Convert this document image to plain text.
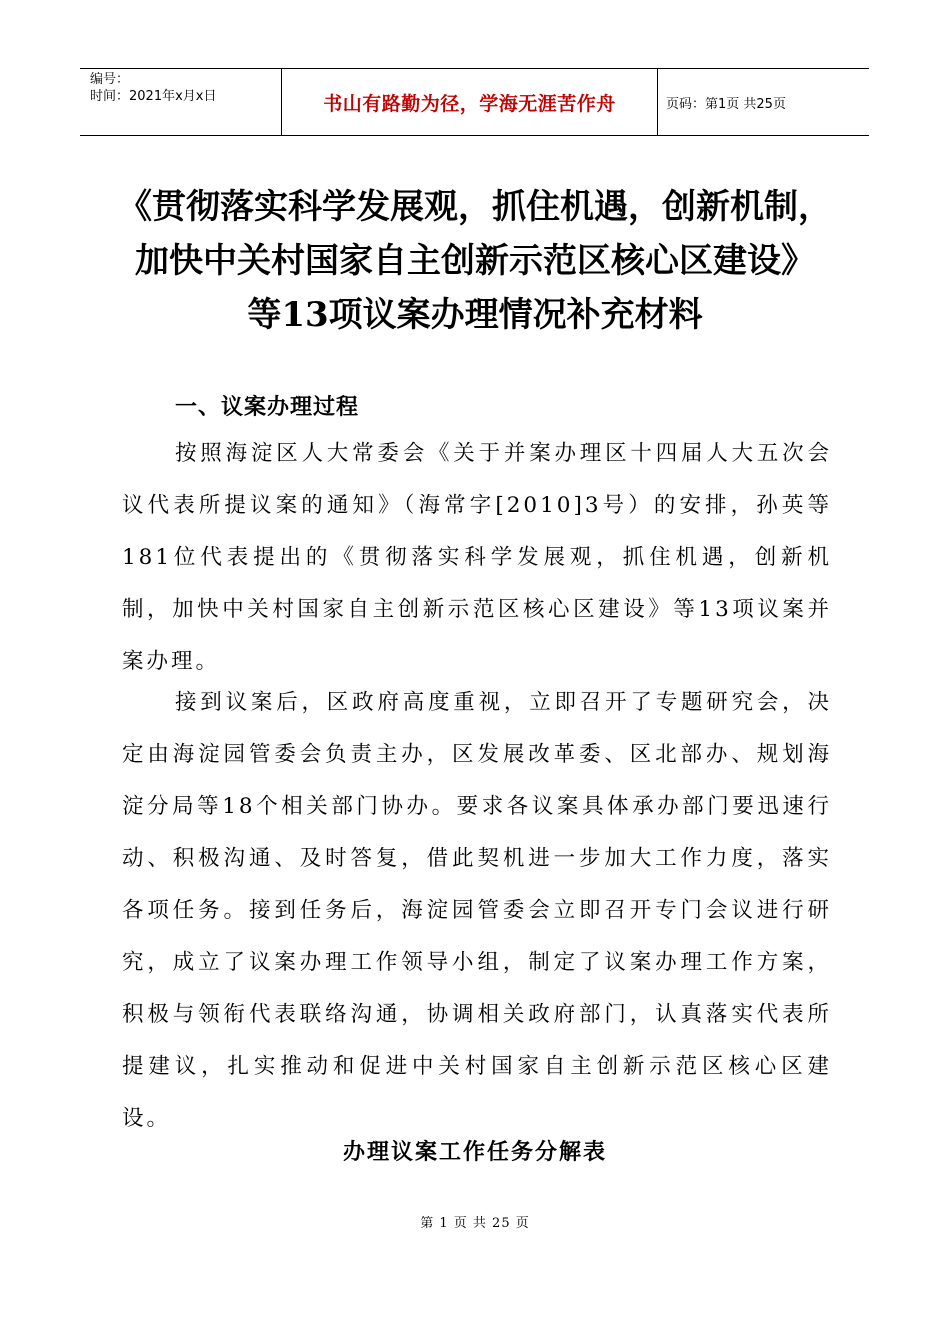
编号：
时间：2021年x月x日	书山有路勤为径，学海无涯苦作舟	页码：第1页 共25页
《贯彻落实科学发展观，抓住机遇，创新机制，
加快中关村国家自主创新示范区核心区建设》
等13项议案办理情况补充材料
一、议案办理过程
按照海淀区人大常委会《关于并案办理区十四届人大五次会议代表所提议案的通知》（海常字[2010]3号）的安排，孙英等181位代表提出的《贯彻落实科学发展观，抓住机遇，创新机制，加快中关村国家自主创新示范区核心区建设》等13项议案并案办理。
接到议案后，区政府高度重视，立即召开了专题研究会，决定由海淀园管委会负责主办，区发展改革委、区北部办、规划海淀分局等18个相关部门协办。要求各议案具体承办部门要迅速行动、积极沟通、及时答复，借此契机进一步加大工作力度，落实各项任务。接到任务后，海淀园管委会立即召开专门会议进行研究，成立了议案办理工作领导小组，制定了议案办理工作方案，积极与领衔代表联络沟通，协调相关政府部门，认真落实代表所提建议，扎实推动和促进中关村国家自主创新示范区核心区建设。
办理议案工作任务分解表
第 1 页 共 25 页
